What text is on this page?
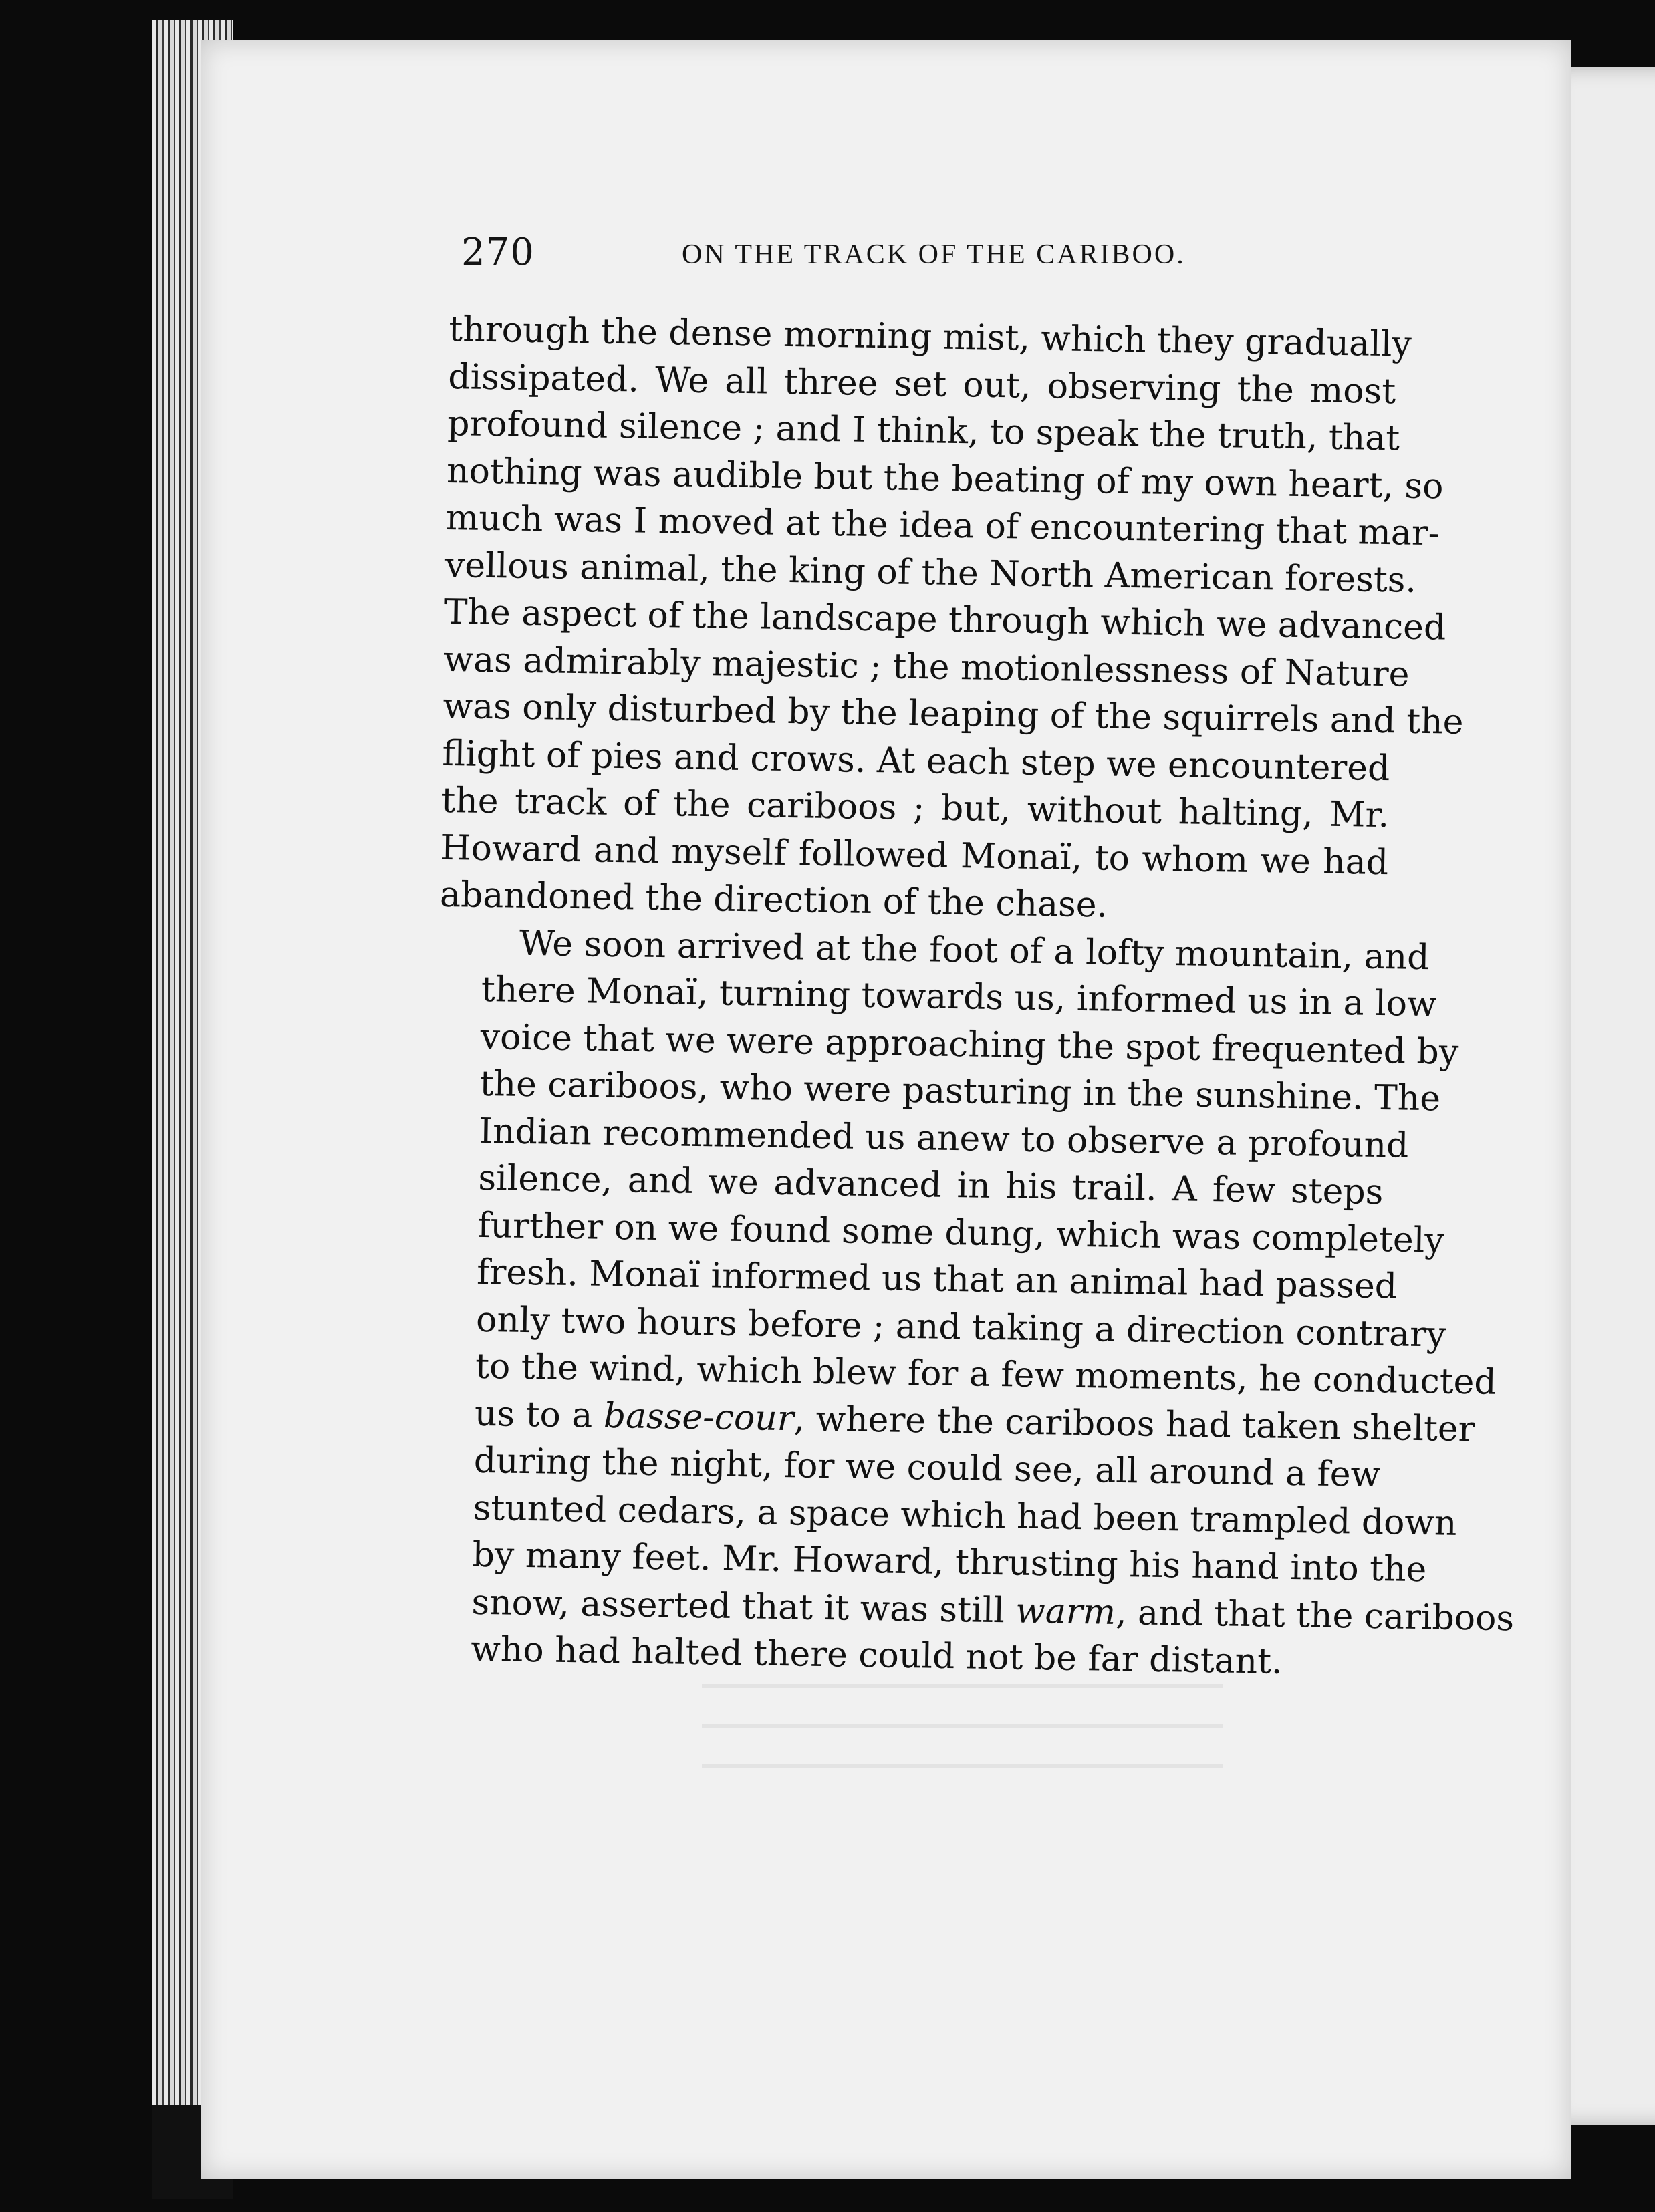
270	ON THE TRACK OF THE CARIBOO.

through the dense morning mist, which they gradually
dissipated. We all three set out, observing the most
profound silence ; and I think, to speak the truth, that
nothing was audible but the beating of my own heart, so
much was I moved at the idea of encountering that mar-
vellous animal, the king of the North American forests.
The aspect of the landscape through which we advanced
was admirably majestic ; the motionlessness of Nature
was only disturbed by the leaping of the squirrels and the
flight of pies and crows. At each step we encountered
the track of the cariboos ; but, without halting, Mr.
Howard and myself followed Monaï, to whom we had
abandoned the direction of the chase.

We soon arrived at the foot of a lofty mountain, and
there Monaï, turning towards us, informed us in a low
voice that we were approaching the spot frequented by
the cariboos, who were pasturing in the sunshine. The
Indian recommended us anew to observe a profound
silence, and we advanced in his trail. A few steps
further on we found some dung, which was completely
fresh. Monaï informed us that an animal had passed
only two hours before ; and taking a direction contrary
to the wind, which blew for a few moments, he conducted
us to a basse-cour, where the cariboos had taken shelter
during the night, for we could see, all around a few
stunted cedars, a space which had been trampled down
by many feet. Mr. Howard, thrusting his hand into the
snow, asserted that it was still warm, and that the cariboos
who had halted there could not be far distant.
